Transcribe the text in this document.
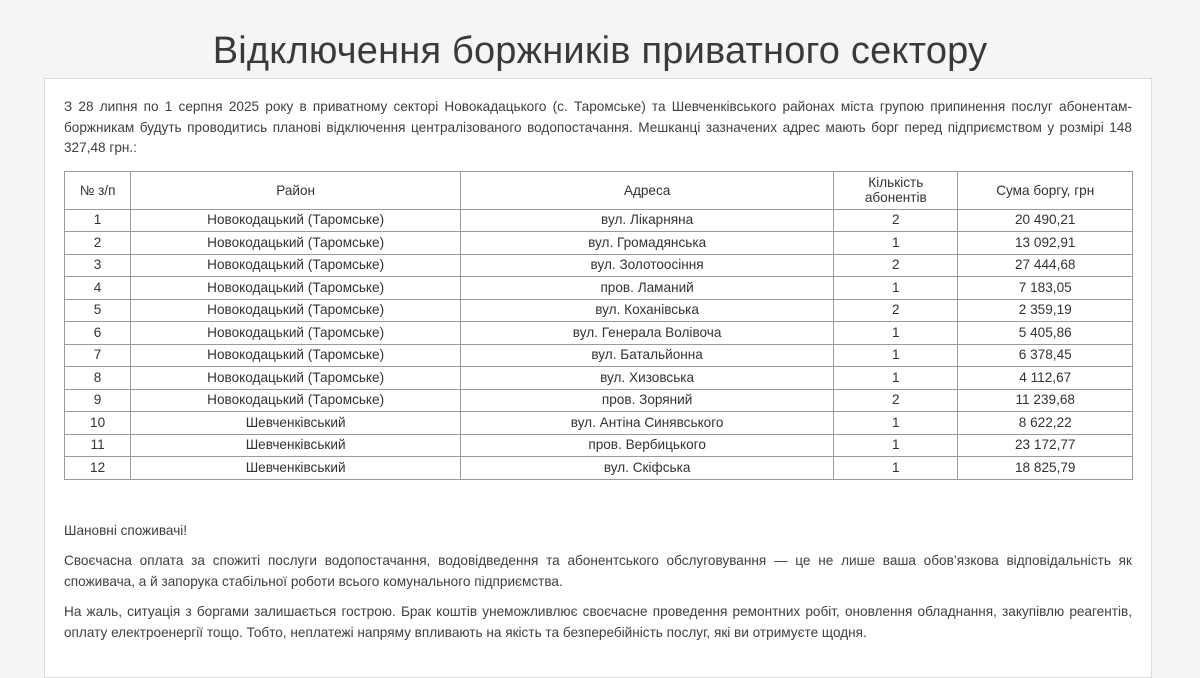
Відключення боржників приватного сектору

З 28 липня по 1 серпня 2025 року в приватному секторі Новокадацького (с. Таромське) та Шевченківського районах міста групою припинення послуг абонентам-боржникам будуть проводитись планові відключення централізованого водопостачання. Мешканці зазначених адрес мають борг перед підприємством у розмірі 148 327,48 грн.:

№ з/п	Район	Адреса	Кількість абонентів	Сума боргу, грн
1	Новокодацький (Таромське)	вул. Лікарняна	2	20 490,21
2	Новокодацький (Таромське)	вул. Громадянська	1	13 092,91
3	Новокодацький (Таромське)	вул. Золотоосіння	2	27 444,68
4	Новокодацький (Таромське)	пров. Ламаний	1	7 183,05
5	Новокодацький (Таромське)	вул. Коханівська	2	2 359,19
6	Новокодацький (Таромське)	вул. Генерала Волівоча	1	5 405,86
7	Новокодацький (Таромське)	вул. Батальйонна	1	6 378,45
8	Новокодацький (Таромське)	вул. Хизовська	1	4 112,67
9	Новокодацький (Таромське)	пров. Зоряний	2	11 239,68
10	Шевченківський	вул. Антіна Синявського	1	8 622,22
11	Шевченківський	пров. Вербицького	1	23 172,77
12	Шевченківський	вул. Скіфська	1	18 825,79

Шановні споживачі!

Своєчасна оплата за спожиті послуги водопостачання, водовідведення та абонентського обслуговування — це не лише ваша обов’язкова відповідальність як споживача, а й запорука стабільної роботи всього комунального підприємства.

На жаль, ситуація з боргами залишається гострою. Брак коштів унеможливлює своєчасне проведення ремонтних робіт, оновлення обладнання, закупівлю реагентів, оплату електроенергії тощо. Тобто, неплатежі напряму впливають на якість та безперебійність послуг, які ви отримуєте щодня.
